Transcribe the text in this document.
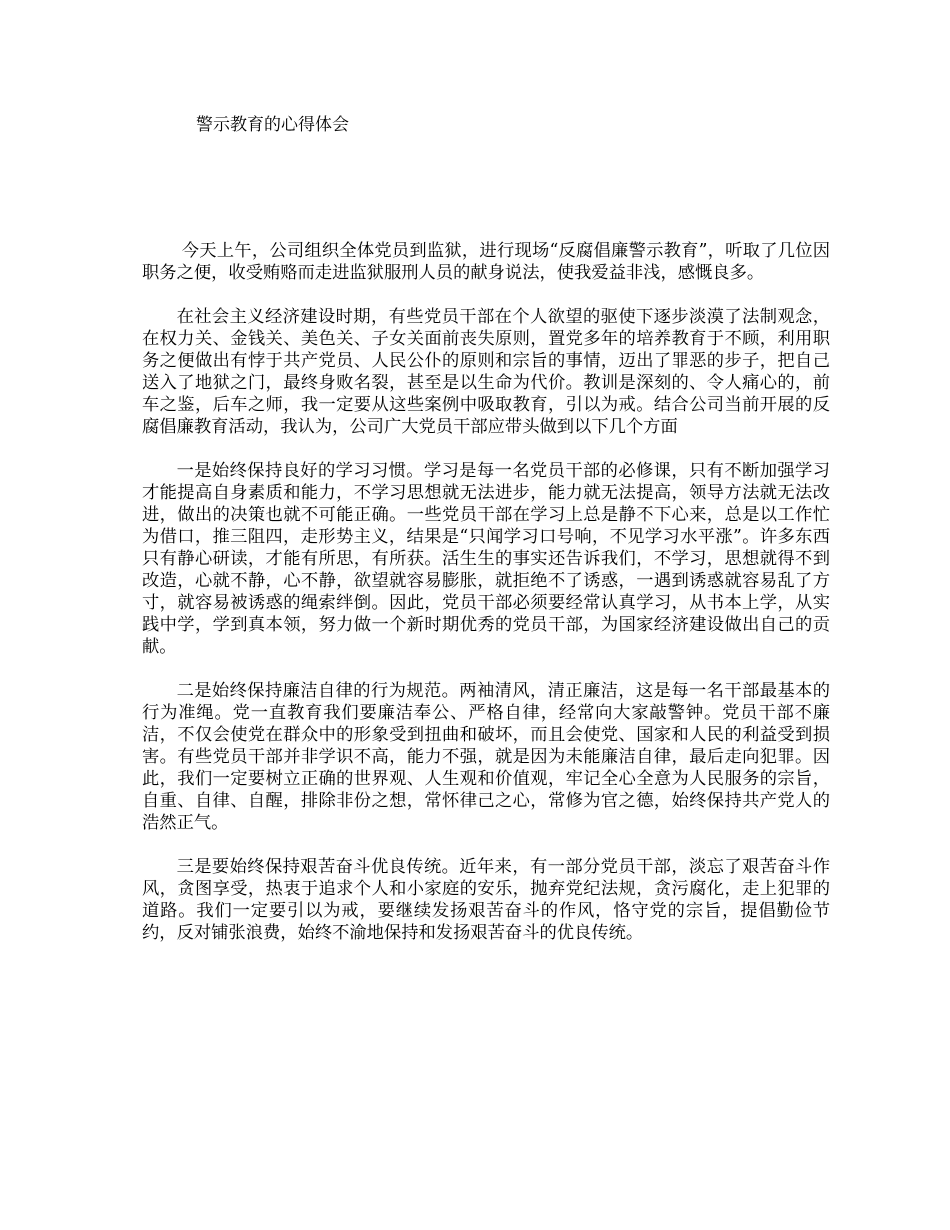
警示教育的心得体会

今天上午，公司组织全体党员到监狱，进行现场“反腐倡廉警示教育”，听取了几位因职务之便，收受贿赂而走进监狱服刑人员的献身说法，使我爱益非浅，感慨良多。

在社会主义经济建设时期，有些党员干部在个人欲望的驱使下逐步淡漠了法制观念，在权力关、金钱关、美色关、子女关面前丧失原则，置党多年的培养教育于不顾，利用职务之便做出有悖于共产党员、人民公仆的原则和宗旨的事情，迈出了罪恶的步子，把自己送入了地狱之门，最终身败名裂，甚至是以生命为代价。教训是深刻的、令人痛心的，前车之鉴，后车之师，我一定要从这些案例中吸取教育，引以为戒。结合公司当前开展的反腐倡廉教育活动，我认为，公司广大党员干部应带头做到以下几个方面

一是始终保持良好的学习习惯。学习是每一名党员干部的必修课，只有不断加强学习才能提高自身素质和能力，不学习思想就无法进步，能力就无法提高，领导方法就无法改进，做出的决策也就不可能正确。一些党员干部在学习上总是静不下心来，总是以工作忙为借口，推三阻四，走形势主义，结果是“只闻学习口号响，不见学习水平涨”。许多东西只有静心研读，才能有所思，有所获。活生生的事实还告诉我们，不学习，思想就得不到改造，心就不静，心不静，欲望就容易膨胀，就拒绝不了诱惑，一遇到诱惑就容易乱了方寸，就容易被诱惑的绳索绊倒。因此，党员干部必须要经常认真学习，从书本上学，从实践中学，学到真本领，努力做一个新时期优秀的党员干部，为国家经济建设做出自己的贡献。

二是始终保持廉洁自律的行为规范。两袖清风，清正廉洁，这是每一名干部最基本的行为准绳。党一直教育我们要廉洁奉公、严格自律，经常向大家敲警钟。党员干部不廉洁，不仅会使党在群众中的形象受到扭曲和破坏，而且会使党、国家和人民的利益受到损害。有些党员干部并非学识不高，能力不强，就是因为未能廉洁自律，最后走向犯罪。因此，我们一定要树立正确的世界观、人生观和价值观，牢记全心全意为人民服务的宗旨，自重、自律、自醒，排除非份之想，常怀律己之心，常修为官之德，始终保持共产党人的浩然正气。

三是要始终保持艰苦奋斗优良传统。近年来，有一部分党员干部，淡忘了艰苦奋斗作风，贪图享受，热衷于追求个人和小家庭的安乐，抛弃党纪法规，贪污腐化，走上犯罪的道路。我们一定要引以为戒，要继续发扬艰苦奋斗的作风，恪守党的宗旨，提倡勤俭节约，反对铺张浪费，始终不渝地保持和发扬艰苦奋斗的优良传统。
